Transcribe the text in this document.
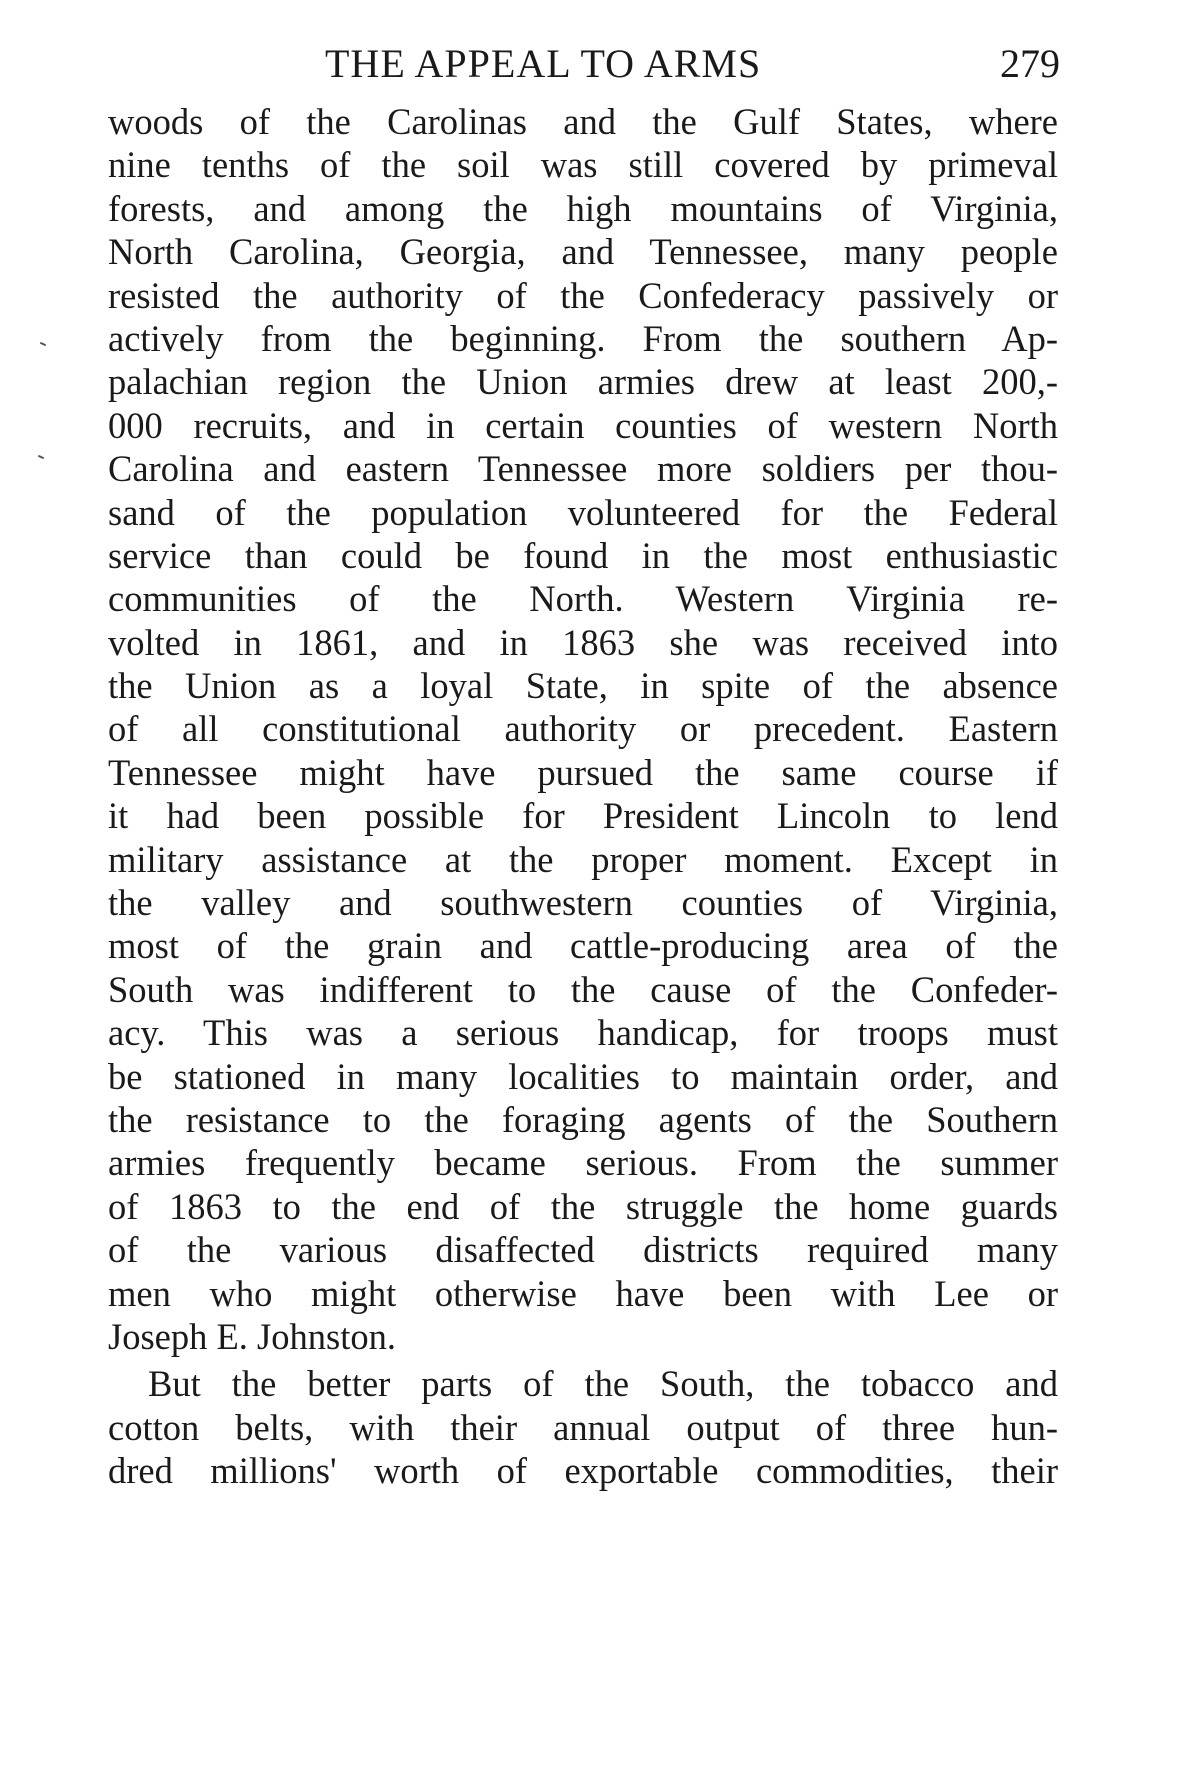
THE APPEAL TO ARMS	279
woods of the Carolinas and the Gulf States, where
nine tenths of the soil was still covered by primeval
forests, and among the high mountains of Virginia,
North Carolina, Georgia, and Tennessee, many people
resisted the authority of the Confederacy passively or
actively from the beginning. From the southern Ap-
palachian region the Union armies drew at least 200,-
000 recruits, and in certain counties of western North
Carolina and eastern Tennessee more soldiers per thou-
sand of the population volunteered for the Federal
service than could be found in the most enthusiastic
communities of the North. Western Virginia re-
volted in 1861, and in 1863 she was received into
the Union as a loyal State, in spite of the absence
of all constitutional authority or precedent. Eastern
Tennessee might have pursued the same course if
it had been possible for President Lincoln to lend
military assistance at the proper moment. Except in
the valley and southwestern counties of Virginia,
most of the grain and cattle-producing area of the
South was indifferent to the cause of the Confeder-
acy. This was a serious handicap, for troops must
be stationed in many localities to maintain order, and
the resistance to the foraging agents of the Southern
armies frequently became serious. From the summer
of 1863 to the end of the struggle the home guards
of the various disaffected districts required many
men who might otherwise have been with Lee or
Joseph E. Johnston.
But the better parts of the South, the tobacco and
cotton belts, with their annual output of three hun-
dred millions' worth of exportable commodities, their
